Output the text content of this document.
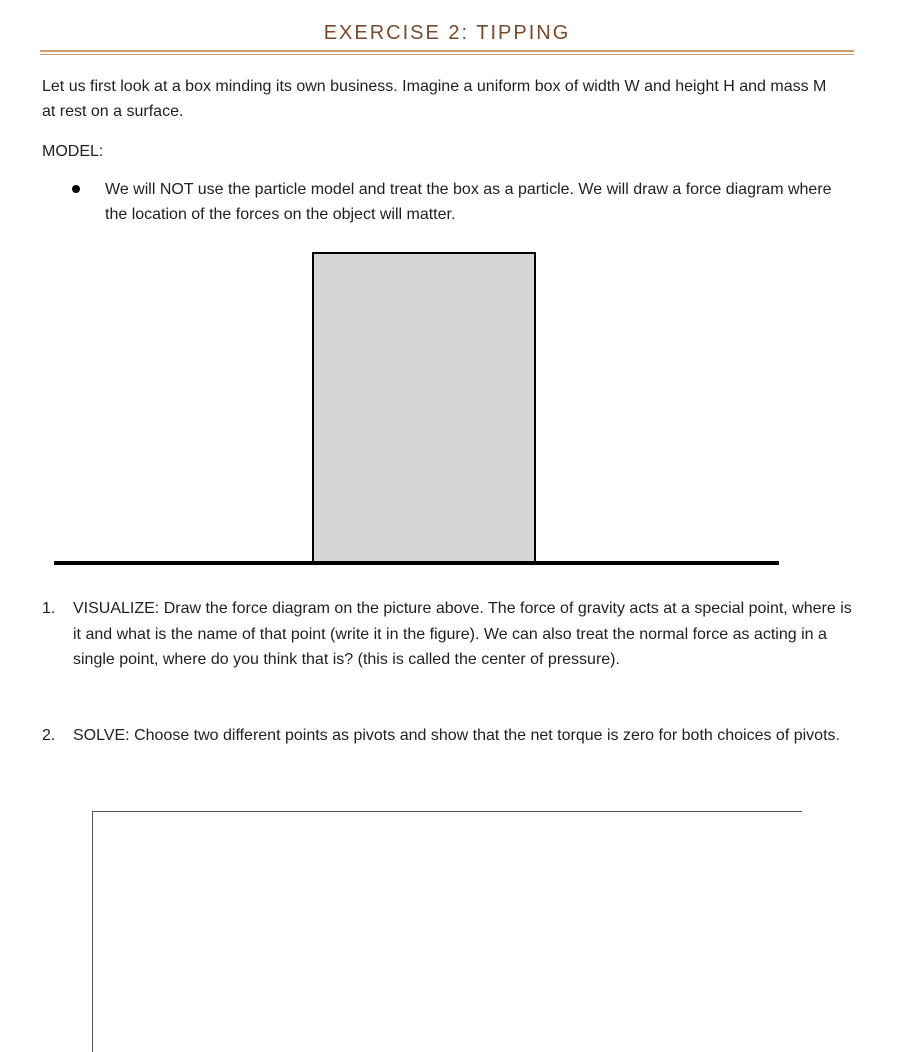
EXERCISE 2: TIPPING
Let us first look at a box minding its own business. Imagine a uniform box of width W and height H and mass M at rest on a surface.
MODEL:
We will NOT use the particle model and treat the box as a particle. We will draw a force diagram where the location of the forces on the object will matter.
1. VISUALIZE: Draw the force diagram on the picture above. The force of gravity acts at a special point, where is it and what is the name of that point (write it in the figure). We can also treat the normal force as acting in a single point, where do you think that is? (this is called the center of pressure).
2. SOLVE: Choose two different points as pivots and show that the net torque is zero for both choices of pivots.
